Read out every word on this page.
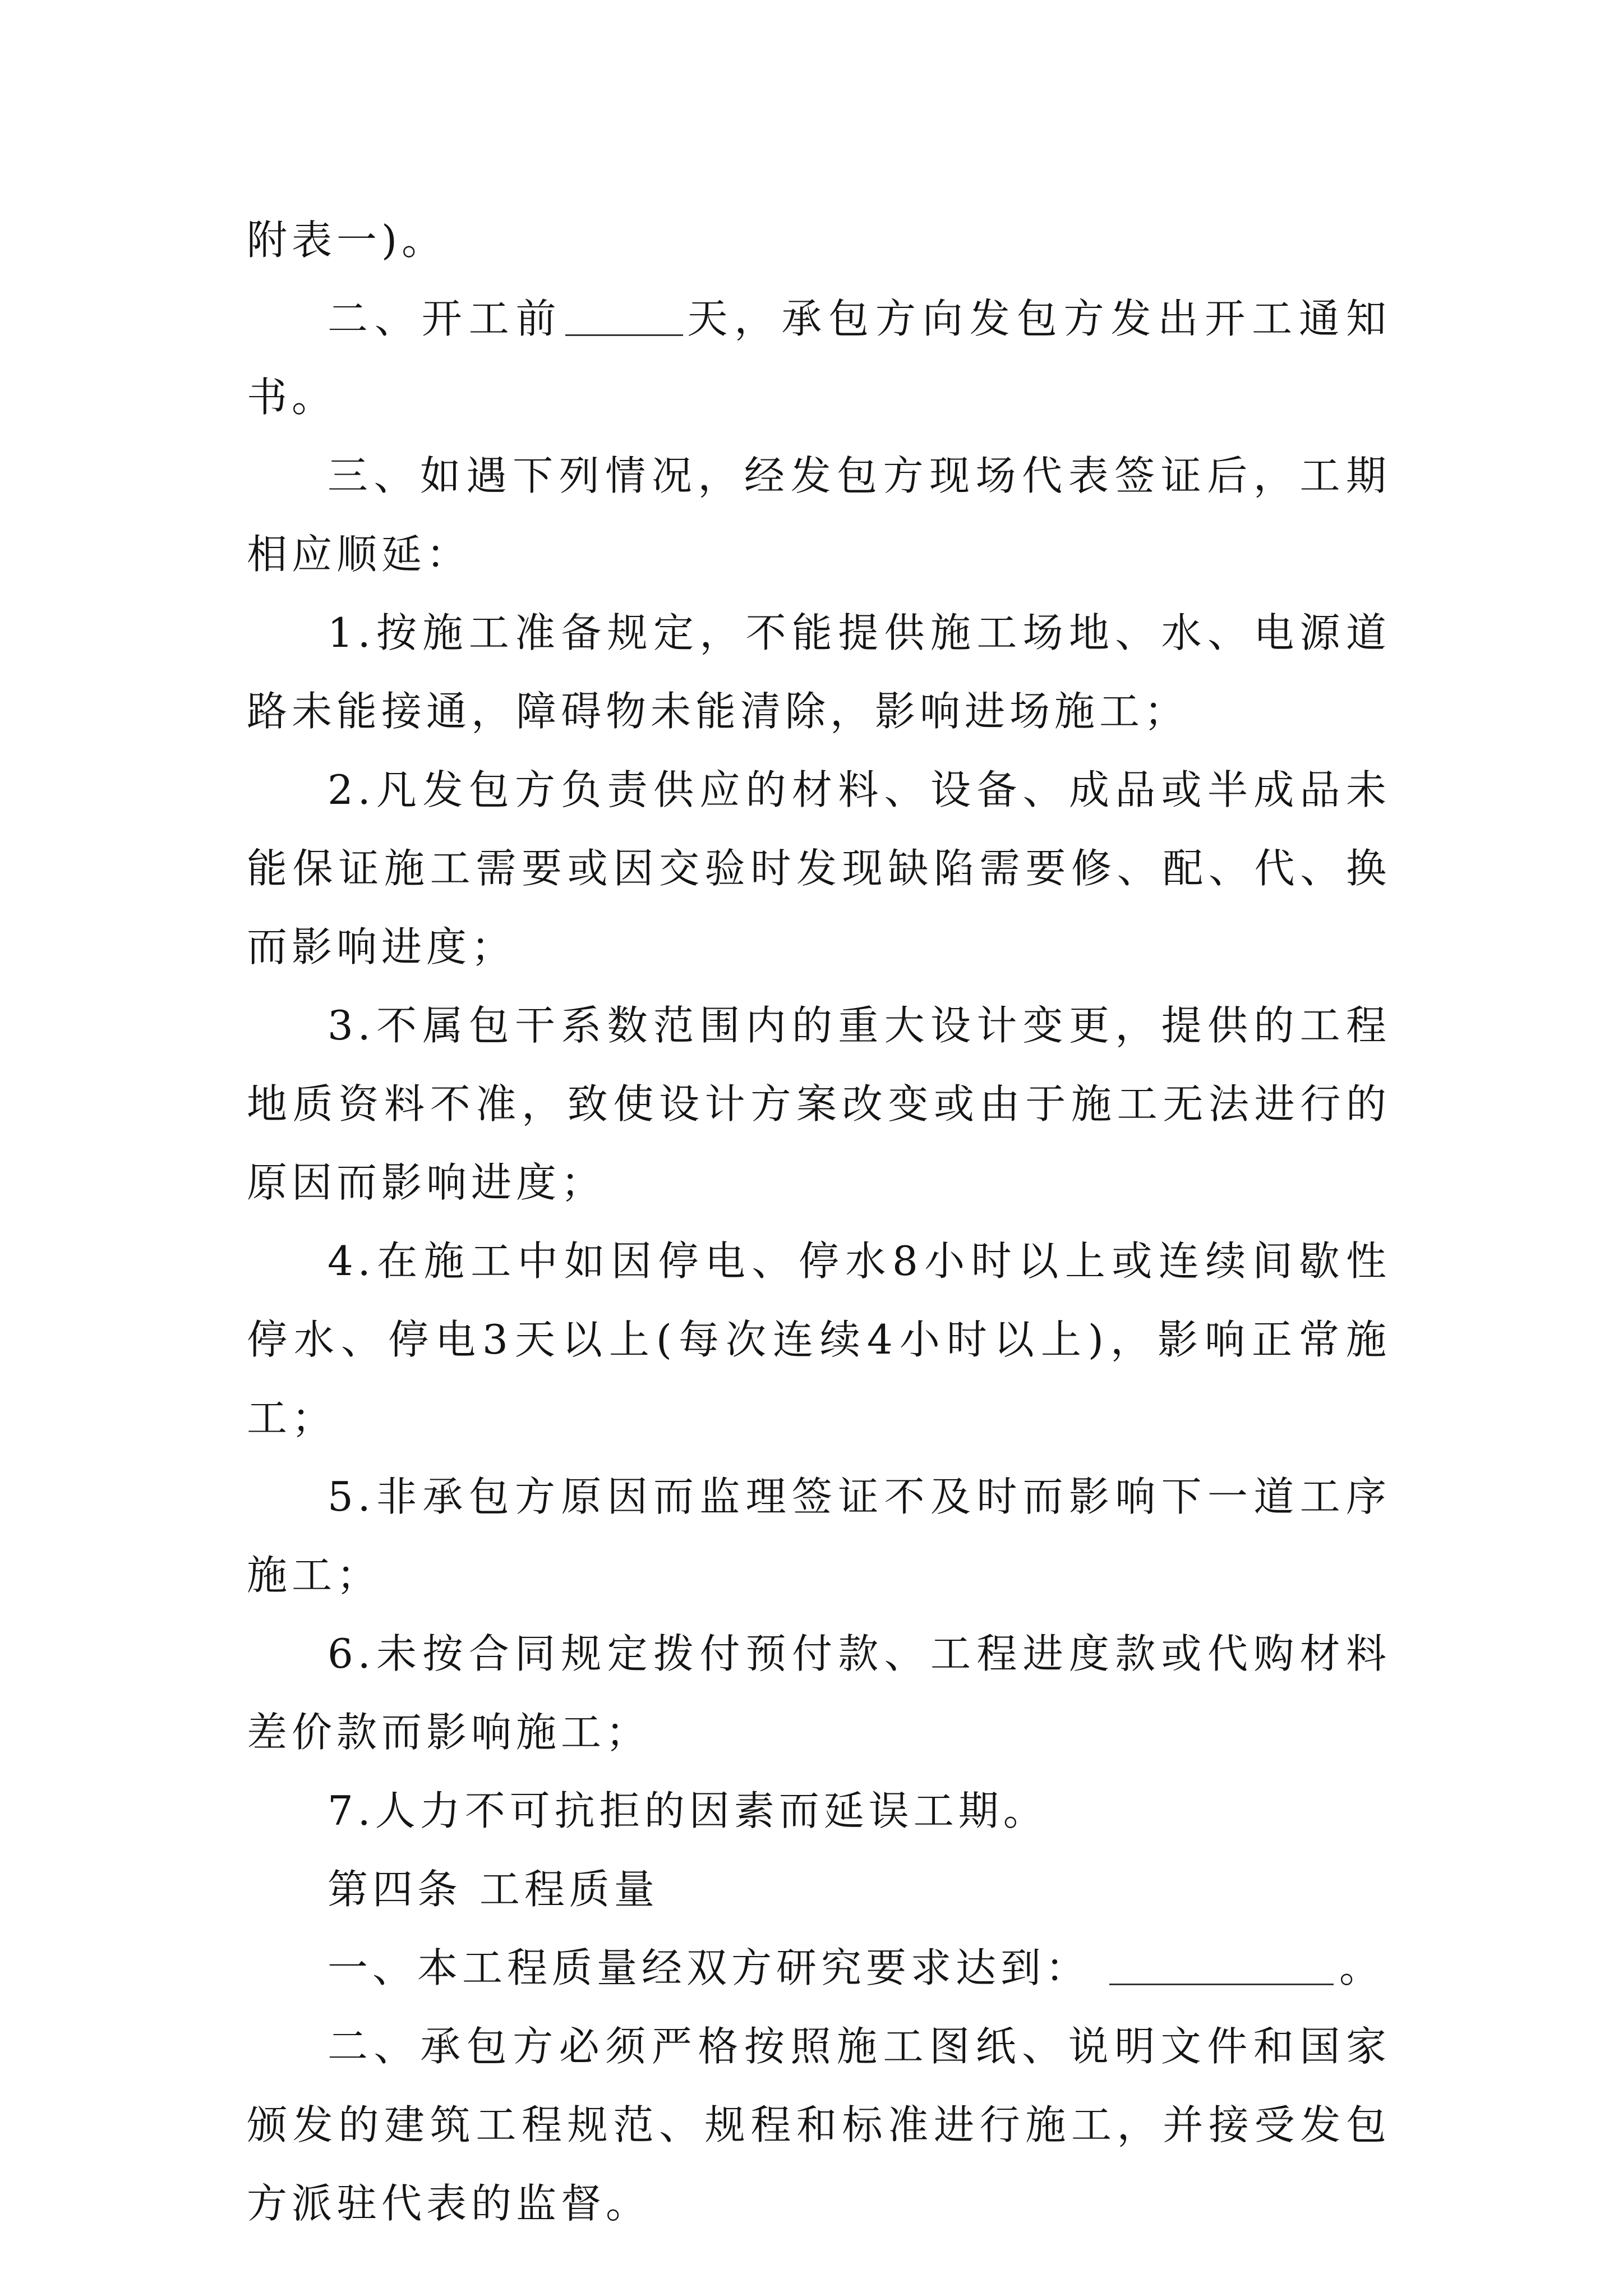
附表一)。

二、开工前	天，承包方向发包方发出开工通知书。

三、如遇下列情况，经发包方现场代表签证后，工期相应顺延：

1.按施工准备规定，不能提供施工场地、水、电源道路未能接通，障碍物未能清除，影响进场施工；

2.凡发包方负责供应的材料、设备、成品或半成品未能保证施工需要或因交验时发现缺陷需要修、配、代、换而影响进度；

3.不属包干系数范围内的重大设计变更，提供的工程地质资料不准，致使设计方案改变或由于施工无法进行的原因而影响进度；

4.在施工中如因停电、停水8小时以上或连续间歇性停水、停电3天以上(每次连续4小时以上)，影响正常施工；

5.非承包方原因而监理签证不及时而影响下一道工序施工；

6.未按合同规定拨付预付款、工程进度款或代购材料差价款而影响施工；

7.人力不可抗拒的因素而延误工期。

第四条 工程质量

一、本工程质量经双方研究要求达到：	。

二、承包方必须严格按照施工图纸、说明文件和国家颁发的建筑工程规范、规程和标准进行施工，并接受发包方派驻代表的监督。
